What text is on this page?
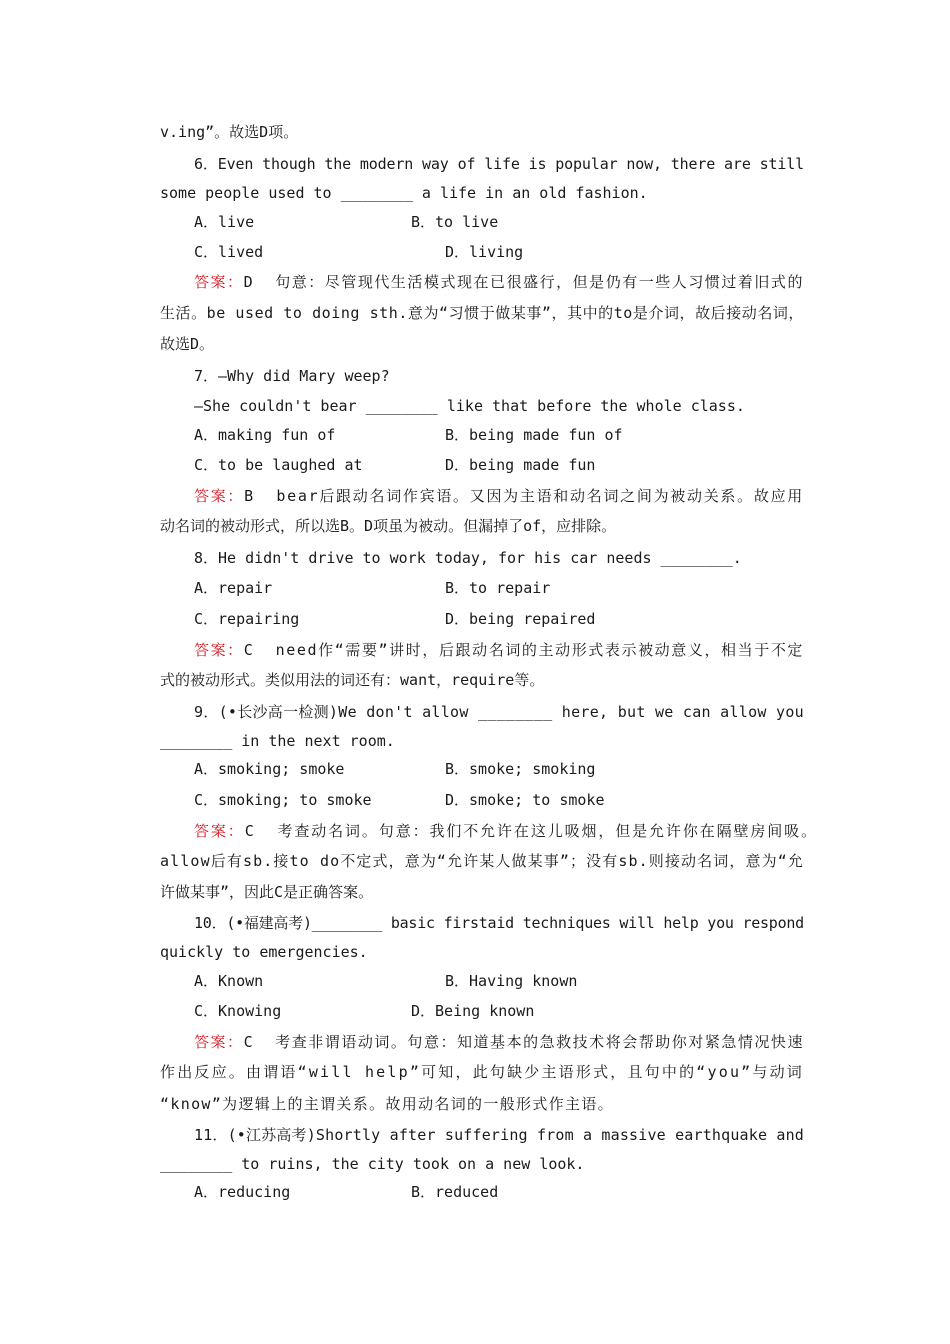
v.ing”。故选D项。
6．Even though the modern way of life is popular now, there are still
some people used to ________ a life in an old fashion.
A．live	B．to live
C．lived	D．living
答案：D  句意：尽管现代生活模式现在已很盛行，但是仍有一些人习惯过着旧式的
生活。be used to doing sth.意为“习惯于做某事”，其中的to是介词，故后接动名词，
故选D。
7．—Why did Mary weep?
—She couldn't bear ________ like that before the whole class.
A．making fun of	B．being made fun of
C．to be laughed at	D．being made fun
答案：B  bear后跟动名词作宾语。又因为主语和动名词之间为被动关系。故应用
动名词的被动形式，所以选B。D项虽为被动。但漏掉了of，应排除。
8．He didn't drive to work today, for his car needs ________.
A．repair	B．to repair
C．repairing	D．being repaired
答案：C  need作“需要”讲时，后跟动名词的主动形式表示被动意义，相当于不定
式的被动形式。类似用法的词还有：want，require等。
9．(•长沙高一检测)We don't allow ________ here, but we can allow you
________ in the next room.
A．smoking; smoke	B．smoke; smoking
C．smoking; to smoke	D．smoke; to smoke
答案：C  考查动名词。句意：我们不允许在这儿吸烟，但是允许你在隔壁房间吸。
allow后有sb.接to do不定式，意为“允许某人做某事”；没有sb.则接动名词，意为“允
许做某事”，因此C是正确答案。
10．(•福建高考)________ basic firstaid techniques will help you respond
quickly to emergencies.
A．Known	B．Having known
C．Knowing	D．Being known
答案：C  考查非谓语动词。句意：知道基本的急救技术将会帮助你对紧急情况快速
作出反应。由谓语“will help”可知，此句缺少主语形式，且句中的“you”与动词
“know”为逻辑上的主谓关系。故用动名词的一般形式作主语。
11．(•江苏高考)Shortly after suffering from a massive earthquake and
________ to ruins, the city took on a new look.
A．reducing	B．reduced
